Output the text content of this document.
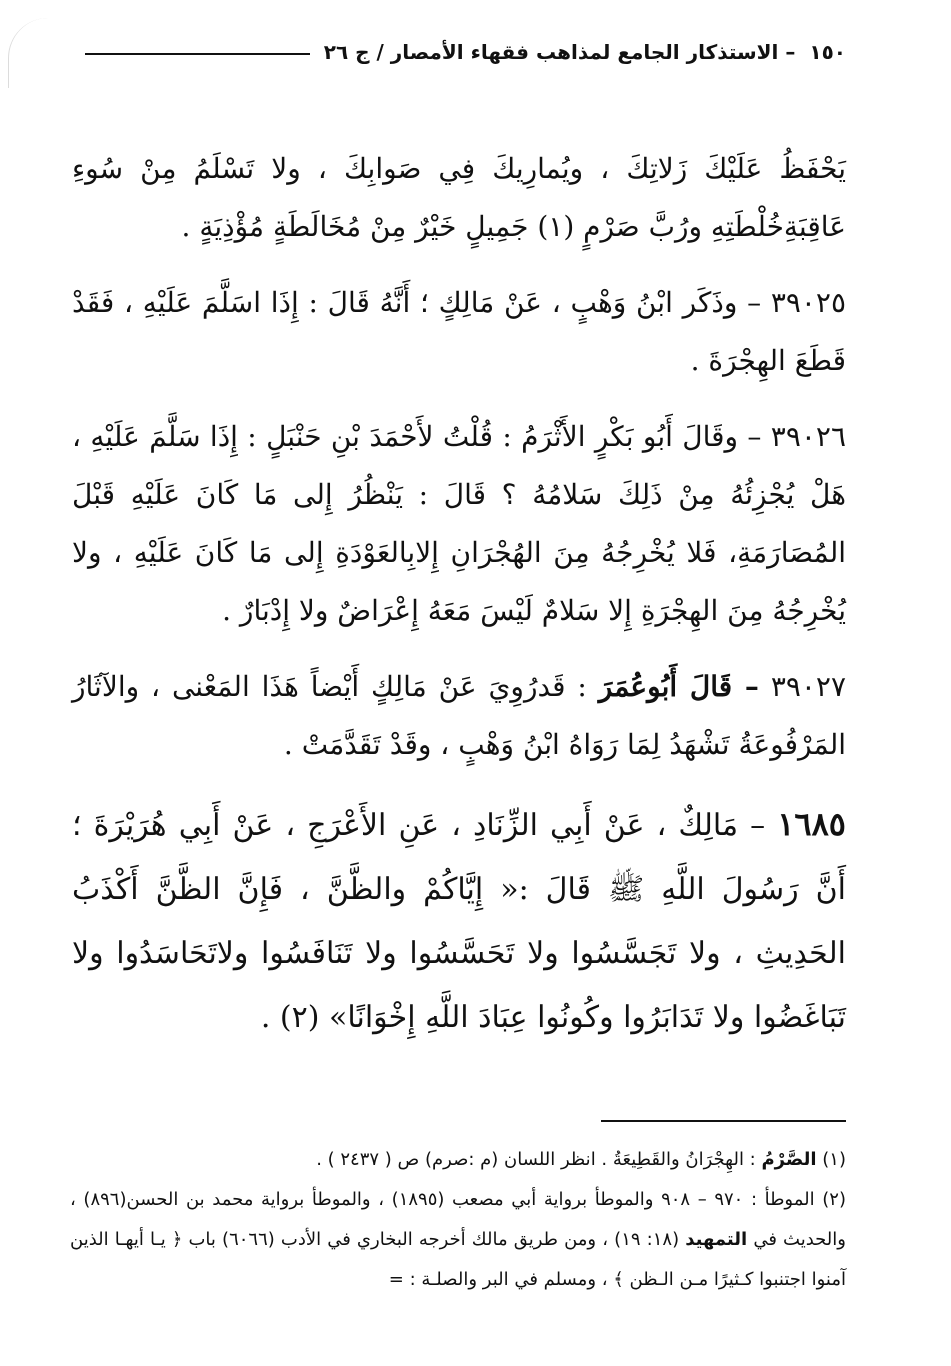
١٥٠
– الاستذكار الجامع لمذاهب فقهاء الأمصار / ج ٢٦

يَحْفَظُ عَلَيْكَ زَلاتِكَ ، ويُمارِيكَ فِي صَوابِكَ ، ولا تَسْلَمُ مِنْ سُوءِ عَاقِبَةِخُلْطَتِهِ ورُبَّ صَرْمٍ (١) جَمِيلٍ خَيْرٌ مِنْ مُخَالَطَةٍ مُؤْذِيَةٍ .

٣٩٠٢٥ – وذَكَر ابْنُ وَهْبٍ ، عَنْ مَالِكٍ ؛ أَنَّهُ قَالَ : إِذَا اسَلَّمَ عَلَيْهِ ، فَقَدْ قَطَعَ الهِجْرَةَ .

٣٩٠٢٦ – وقَالَ أَبُو بَكْرٍ الأَثْرَمُ : قُلْتُ لأَحْمَدَ بْنِ حَنْبَلٍ : إِذَا سَلَّمَ عَلَيْهِ ، هَلْ يُجْزِئُهُ مِنْ ذَلِكَ سَلامُهُ ؟ قَالَ : يَنْظُرُ إِلى مَا كَانَ عَلَيْهِ قَبْلَ المُصَارَمَةِ، فَلا يُخْرِجُهُ مِنَ الهُجْرَانِ إِلابِالعَوْدَةِ إِلى مَا كَانَ عَلَيْهِ ، ولا يُخْرِجُهُ مِنَ الهِجْرَةِ إِلا سَلامٌ لَيْسَ مَعَهُ إِعْرَاضٌ ولا إِدْبَارٌ .

٣٩٠٢٧ – قَالَ أَبُوعُمَرَ : قَدرُوِيَ عَنْ مَالِكٍ أَيْضاً هَذَا المَعْنى ، والآثَارُ المَرْفُوعَةُ تَشْهَدُ لِمَا رَوَاهُ ابْنُ وَهْبٍ ، وقَدْ تَقَدَّمَتْ .

١٦٨٥ – مَالِكٌ ، عَنْ أَبِي الزِّنَادِ ، عَنِ الأَعْرَجِ ، عَنْ أَبِي هُرَيْرَةَ ؛ أَنَّ رَسُولَ اللَّهِ ﷺ قَالَ :« إِيَّاكُمْ والظَّنَّ ، فَإِنَّ الظَّنَّ أَكْذَبُ الحَدِيثِ ، ولا تَجَسَّسُوا ولا تَحَسَّسُوا ولا تَنَافَسُوا ولاتَحَاسَدُوا ولا تَبَاغَضُوا ولا تَدَابَرُوا وكُونُوا عِبَادَ اللَّهِ إِخْوَانًا» (٢) .

(١) الصَّرْمُ : الهِجْرَانُ والقَطِيعَةُ . انظر اللسان (م :صرم) ص ( ٢٤٣٧ ) .

(٢) الموطأ : ٩٧٠ – ٩٠٨ والموطأ برواية أبي مصعب (١٨٩٥) ، والموطأ برواية محمد بن الحسن(٨٩٦) ، والحديث في التمهيد (١٨: ١٩) ، ومن طريق مالك أخرجه البخاري في الأدب (٦٠٦٦) باب ﴿ يـا أيهـا الذين آمنوا اجتنبوا كـثيرًا مـن الـظن ﴾ ، ومسلم في البر والصلـة : =
